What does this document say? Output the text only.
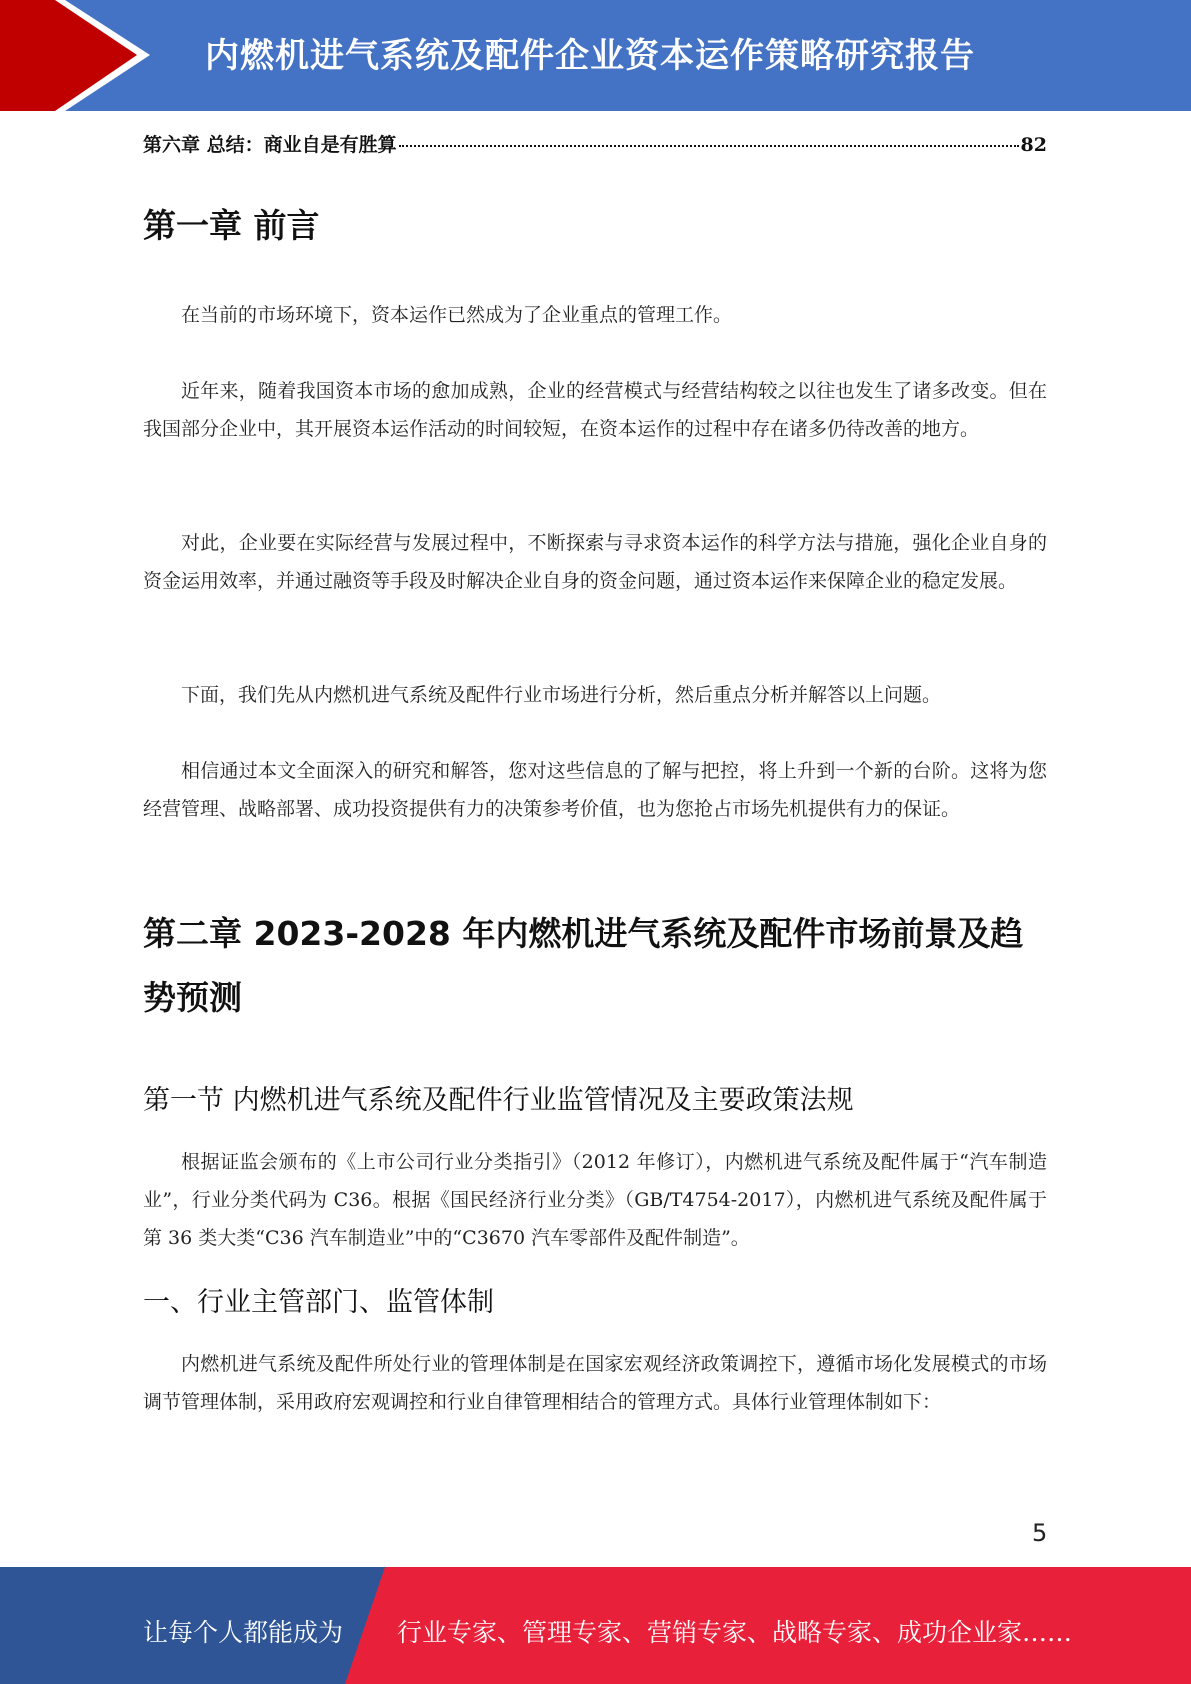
内燃机进气系统及配件企业资本运作策略研究报告
第六章 总结：商业自是有胜算	82
第一章 前言

在当前的市场环境下，资本运作已然成为了企业重点的管理工作。

近年来，随着我国资本市场的愈加成熟，企业的经营模式与经营结构较之以往也发生了诸多改变。但在我国部分企业中，其开展资本运作活动的时间较短，在资本运作的过程中存在诸多仍待改善的地方。

对此，企业要在实际经营与发展过程中，不断探索与寻求资本运作的科学方法与措施，强化企业自身的资金运用效率，并通过融资等手段及时解决企业自身的资金问题，通过资本运作来保障企业的稳定发展。

下面，我们先从内燃机进气系统及配件行业市场进行分析，然后重点分析并解答以上问题。

相信通过本文全面深入的研究和解答，您对这些信息的了解与把控，将上升到一个新的台阶。这将为您经营管理、战略部署、成功投资提供有力的决策参考价值，也为您抢占市场先机提供有力的保证。

第二章 2023-2028 年内燃机进气系统及配件市场前景及趋势预测
第一节 内燃机进气系统及配件行业监管情况及主要政策法规

根据证监会颁布的《上市公司行业分类指引》（2012 年修订），内燃机进气系统及配件属于“汽车制造业”，行业分类代码为 C36。根据《国民经济行业分类》（GB/T4754-2017），内燃机进气系统及配件属于第 36 类大类“C36 汽车制造业”中的“C3670 汽车零部件及配件制造”。

一、行业主管部门、监管体制

内燃机进气系统及配件所处行业的管理体制是在国家宏观经济政策调控下，遵循市场化发展模式的市场调节管理体制，采用政府宏观调控和行业自律管理相结合的管理方式。具体行业管理体制如下：

5
让每个人都能成为 行业专家、管理专家、营销专家、战略专家、成功企业家……
